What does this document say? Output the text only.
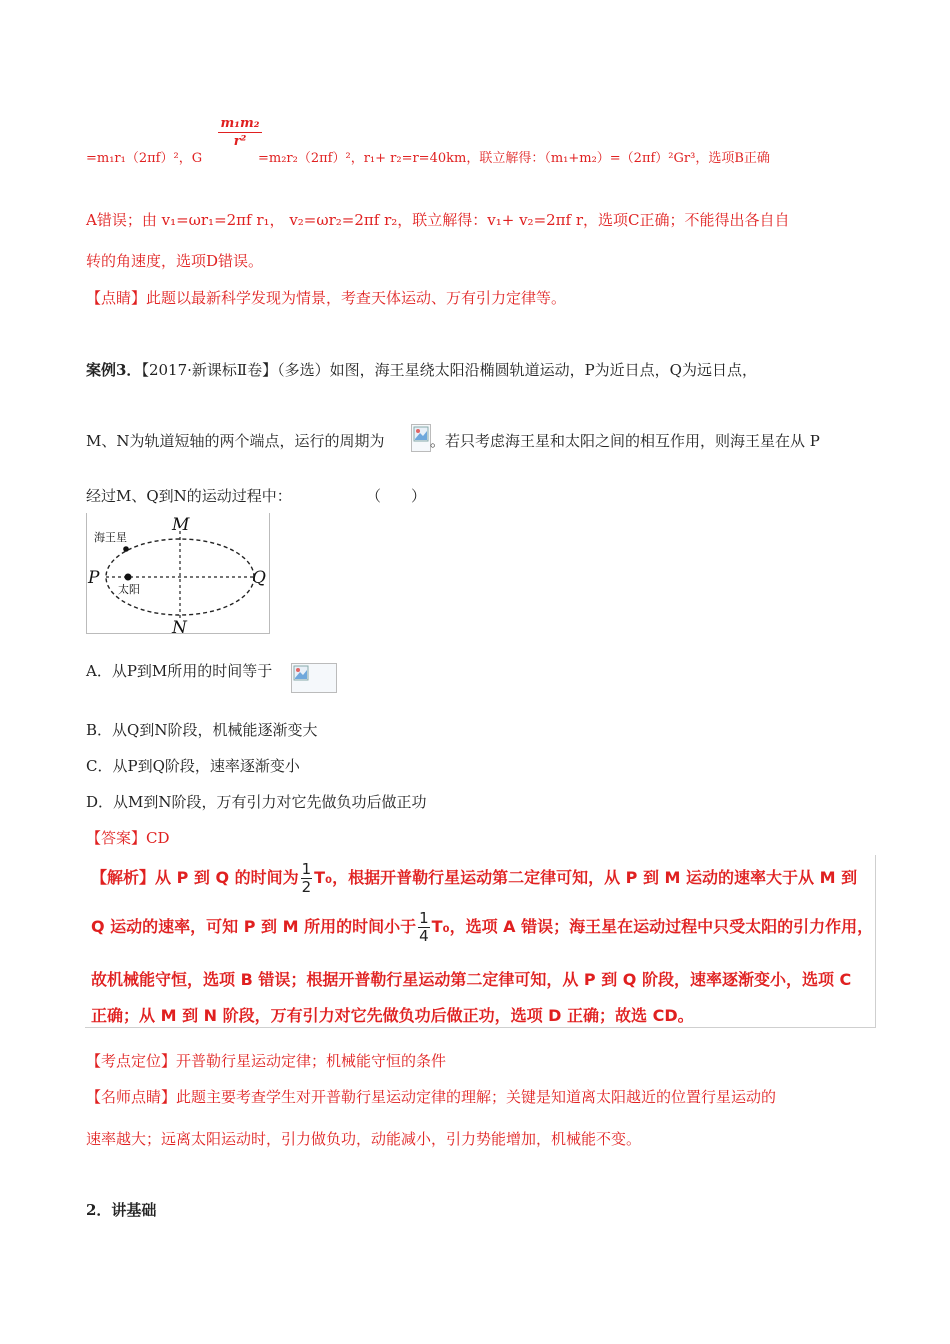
m₁m₂
r²
=m₁r₁（2πf）²，G	=m₂r₂（2πf）²，r₁+ r₂=r=40km，联立解得：（m₁+m₂）=（2πf）²Gr³，选项B正确
A错误；由 v₁=ωr₁=2πf r₁， v₂=ωr₂=2πf r₂，联立解得：v₁+ v₂=2πf r，选项C正确；不能得出各自自
转的角速度，选项D错误。
【点睛】此题以最新科学发现为情景，考查天体运动、万有引力定律等。
案例3．【2017·新课标Ⅱ卷】（多选）如图，海王星绕太阳沿椭圆轨道运动，P为近日点，Q为远日点，
M、N为轨道短轴的两个端点，运行的周期为	。若只考虑海王星和太阳之间的相互作用，则海王星在从 P
经过M、Q到N的运动过程中：	（　　）
M
N
P	Q
海王星
太阳
A．从P到M所用的时间等于
B．从Q到N阶段，机械能逐渐变大
C．从P到Q阶段，速率逐渐变小
D．从M到N阶段，万有引力对它先做负功后做正功
【答案】CD
【解析】从 P 到 Q 的时间为 $\frac{1}{2} T_0$，根据开普勒行星运动第二定律可知，从 P 到 M 运动的速率大于从 M 到
Q 运动的速率，可知 P 到 M 所用的时间小于 $\frac{1}{4} T_0$，选项 A 错误；海王星在运动过程中只受太阳的引力作用，
故机械能守恒，选项 B 错误；根据开普勒行星运动第二定律可知，从 P 到 Q 阶段，速率逐渐变小，选项 C
正确；从 M 到 N 阶段，万有引力对它先做负功后做正功，选项 D 正确；故选 CD。
【考点定位】开普勒行星运动定律；机械能守恒的条件
【名师点睛】此题主要考查学生对开普勒行星运动定律的理解；关键是知道离太阳越近的位置行星运动的
速率越大；远离太阳运动时，引力做负功，动能减小，引力势能增加，机械能不变。
2．讲基础
